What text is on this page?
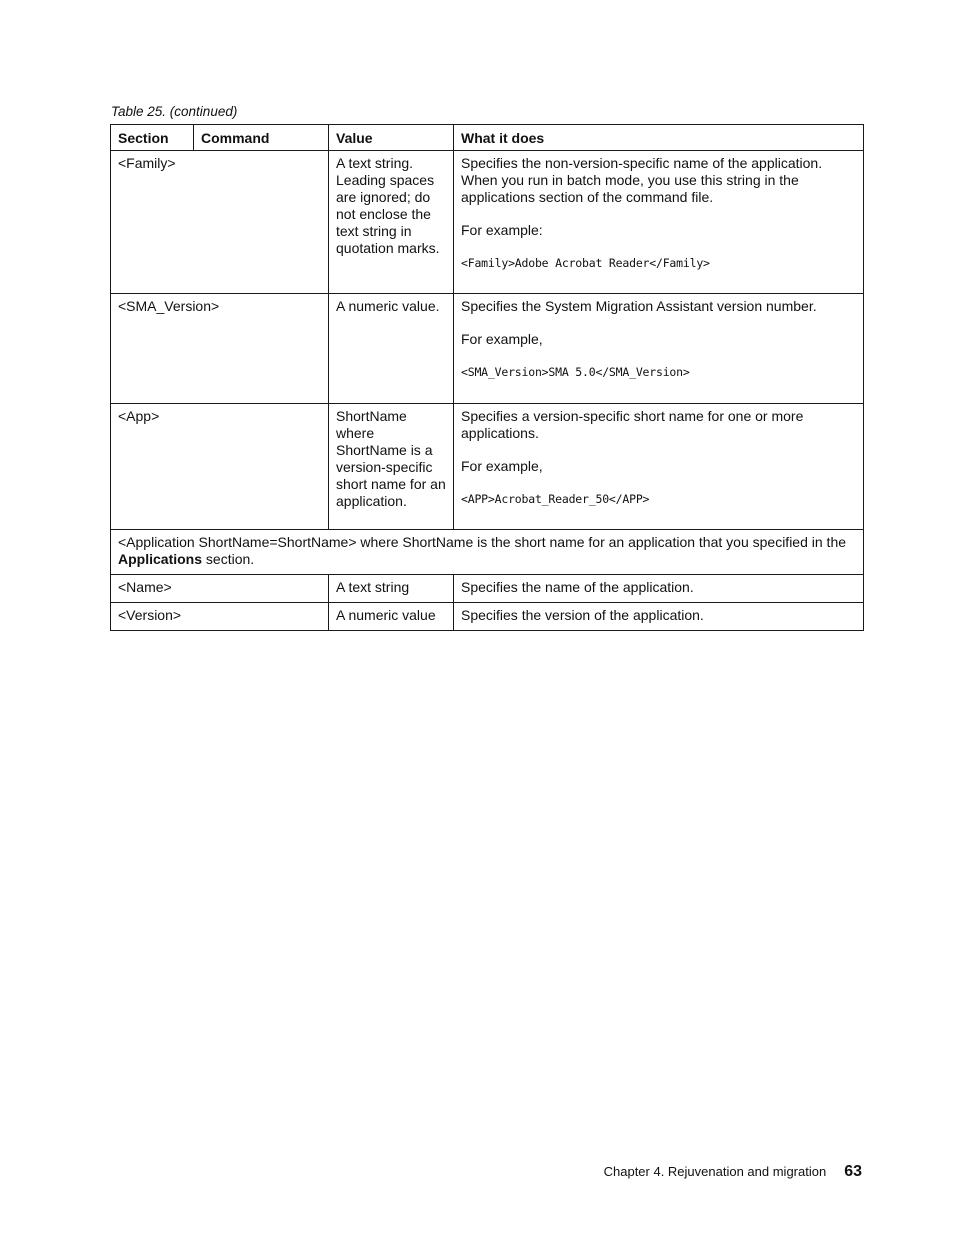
Table 25. (continued)
Section	Command	Value	What it does
<Family>		A text string. Leading spaces are ignored; do not enclose the text string in quotation marks.	Specifies the non-version-specific name of the application. When you run in batch mode, you use this string in the applications section of the command file.

For example:

<Family>Adobe Acrobat Reader</Family>

<SMA_Version>		A numeric value.	Specifies the System Migration Assistant version number.

For example,

<SMA_Version>SMA 5.0</SMA_Version>

<App>		ShortName where ShortName is a version-specific short name for an application.	Specifies a version-specific short name for one or more applications.

For example,

<APP>Acrobat_Reader_50</APP>

<Application ShortName=ShortName> where ShortName is the short name for an application that you specified in the Applications section.			
<Name>		A text string	Specifies the name of the application.
<Version>		A numeric value	Specifies the version of the application.
Chapter 4. Rejuvenation and migration 63
